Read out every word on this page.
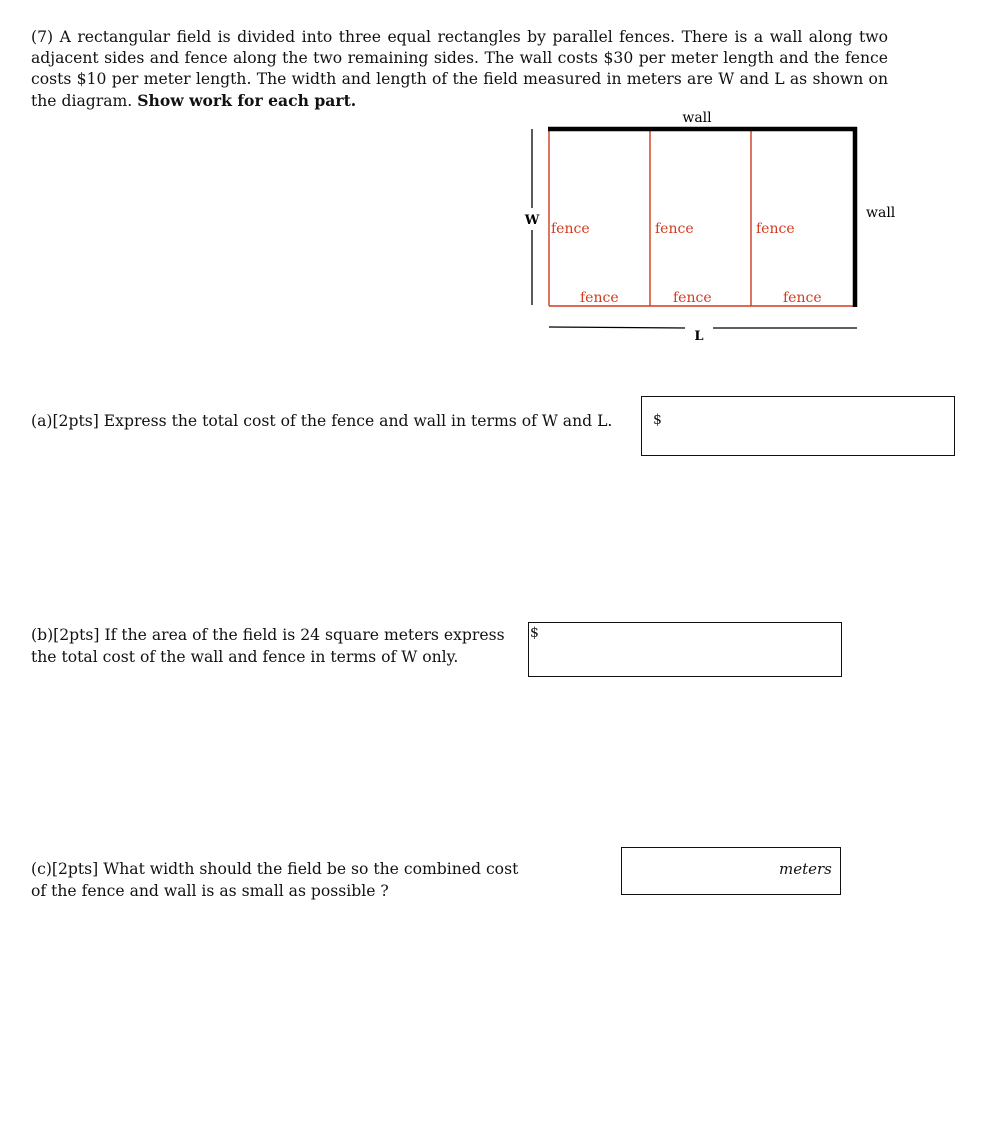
(7) A rectangular field is divided into three equal rectangles by parallel fences. There is a wall along two adjacent sides and fence along the two remaining sides. The wall costs $30 per meter length and the fence costs $10 per meter length. The width and length of the field measured in meters are W and L as shown on the diagram. Show work for each part.
W
L
wall
wall
fence	fence	fence
fence	fence	fence
(a)[2pts] Express the total cost of the fence and wall in terms of W and L.	$
(b)[2pts] If the area of the field is 24 square meters express
the total cost of the wall and fence in terms of W only.
$
(c)[2pts] What width should the field be so the combined cost
of the fence and wall is as small as possible ?
meters
